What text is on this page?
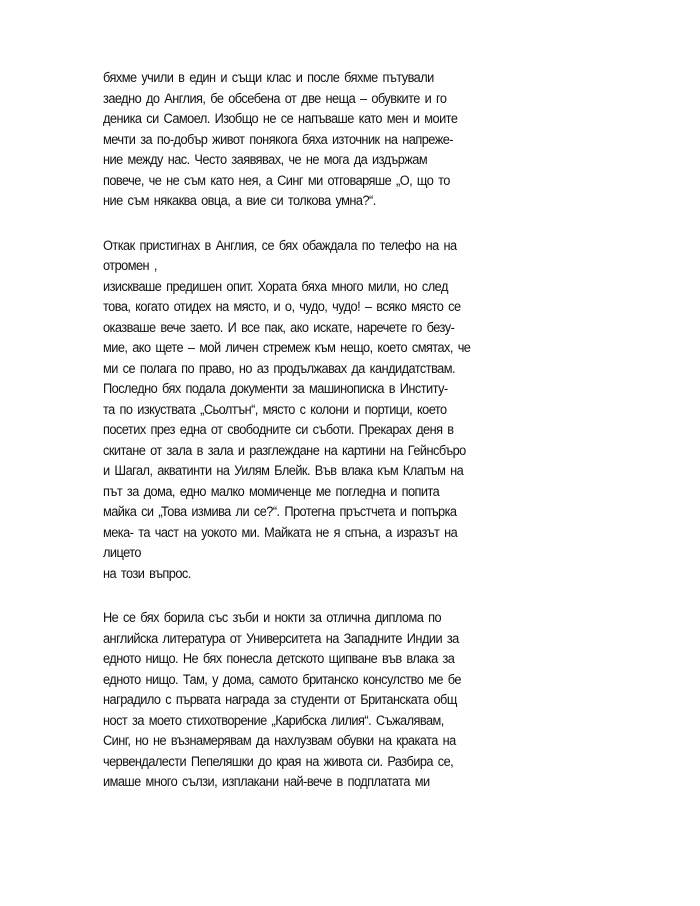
бяхме учили в един и същи клас и после бяхме пътували
заедно до Англия, бе обсебена от две неща – обувките и го
деника си Самоел. Изобщо не се напъваше като мен и моите
мечти за по-добър живот понякога бяха източник на напреже-
ние между нас. Често заявявах, че не мога да издържам
повече, че не съм като нея, а Синг ми отговаряше „О, що то
ние съм някаква овца, а вие си толкова умна?“.
Откак пристигнах в Англия, се бях обаждала по телефо на на
отромен ,
изискваше предишен опит. Хората бяха много мили, но след
това, когато отидех на място, и о, чудо, чудо! – всяко място се
оказваше вече заето. И все пак, ако искате, наречете го безу-
мие, ако щете – мой личен стремеж към нещо, което смятах, че
ми се полага по право, но аз продължавах да кандидатствам.
Последно бях подала документи за машинописка в Институ-
та по изкуствата „Сьолтън“, място с колони и портици, което
посетих през една от свободните си съботи. Прекарах деня в
скитане от зала в зала и разглеждане на картини на Гейнсбъро
и Шагал, акватинти на Уилям Блейк. Във влака към Клапъм на
път за дома, едно малко момиченце ме погледна и попита
майка си „Това измива ли се?“. Протегна пръстчета и попърка
мека- та част на уокото ми. Майката не я спъна, а изразът на
лицето
на този въпрос.
Не се бях борила със зъби и нокти за отлична диплома по
английска литература от Университета на Западните Индии за
едното нищо. Не бях понесла детското щипване във влака за
едното нищо. Там, у дома, самото британско консулство ме бе
наградило с първата награда за студенти от Британската общ
ност за моето стихотворение „Карибска лилия“. Съжалявам,
Синг, но не възнамерявам да нахлузвам обувки на краката на
червендалести Пепеляшки до края на живота си. Разбира се,
имаше много сълзи, изплакани най-вече в подплатата ми
